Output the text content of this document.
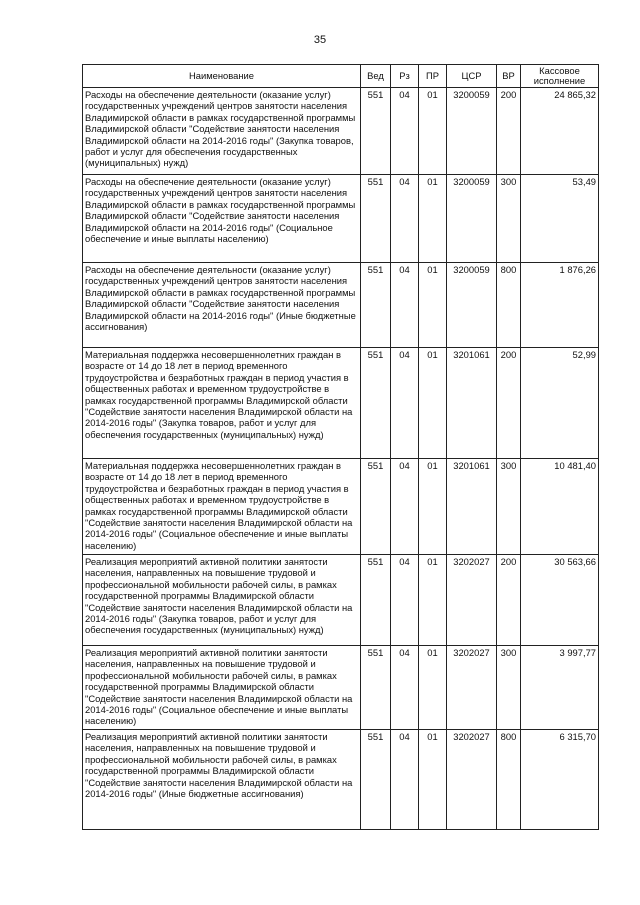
35
Наименование	Вед	Рз	ПР	ЦСР	ВР	Кассовое исполнение
Расходы на обеспечение деятельности (оказание услуг) государственных учреждений центров занятости населения Владимирской области в рамках государственной программы Владимирской области "Содействие занятости населения Владимирской области на 2014-2016 годы" (Закупка товаров, работ и услуг для обеспечения государственных (муниципальных) нужд)	551	04	01	3200059	200	24 865,32
Расходы на обеспечение деятельности (оказание услуг) государственных учреждений центров занятости населения Владимирской области в рамках государственной программы Владимирской области "Содействие занятости населения Владимирской области на 2014-2016 годы" (Социальное обеспечение и иные выплаты населению)	551	04	01	3200059	300	53,49
Расходы на обеспечение деятельности (оказание услуг) государственных учреждений центров занятости населения Владимирской области в рамках государственной программы Владимирской области "Содействие занятости населения Владимирской области на 2014-2016 годы" (Иные бюджетные ассигнования)	551	04	01	3200059	800	1 876,26
Материальная поддержка несовершеннолетних граждан в возрасте от 14 до 18 лет в период временного трудоустройства и безработных граждан в период участия в общественных работах и временном трудоустройстве в рамках государственной программы Владимирской области "Содействие занятости населения Владимирской области на 2014-2016 годы" (Закупка товаров, работ и услуг для обеспечения государственных (муниципальных) нужд)	551	04	01	3201061	200	52,99
Материальная поддержка несовершеннолетних граждан в возрасте от 14 до 18 лет в период временного трудоустройства и безработных граждан в период участия в общественных работах и временном трудоустройстве в рамках государственной программы Владимирской области "Содействие занятости населения Владимирской области на 2014-2016 годы" (Социальное обеспечение и иные выплаты населению)	551	04	01	3201061	300	10 481,40
Реализация мероприятий активной политики занятости населения, направленных на повышение трудовой и профессиональной мобильности рабочей силы, в рамках государственной программы Владимирской области "Содействие занятости населения Владимирской области на 2014-2016 годы" (Закупка товаров, работ и услуг для обеспечения государственных (муниципальных) нужд)	551	04	01	3202027	200	30 563,66
Реализация мероприятий активной политики занятости населения, направленных на повышение трудовой и профессиональной мобильности рабочей силы, в рамках государственной программы Владимирской области "Содействие занятости населения Владимирской области на 2014-2016 годы" (Социальное обеспечение и иные выплаты населению)	551	04	01	3202027	300	3 997,77
Реализация мероприятий активной политики занятости населения, направленных на повышение трудовой и профессиональной мобильности рабочей силы, в рамках государственной программы Владимирской области "Содействие занятости населения Владимирской области на 2014-2016 годы" (Иные бюджетные ассигнования)	551	04	01	3202027	800	6 315,70
